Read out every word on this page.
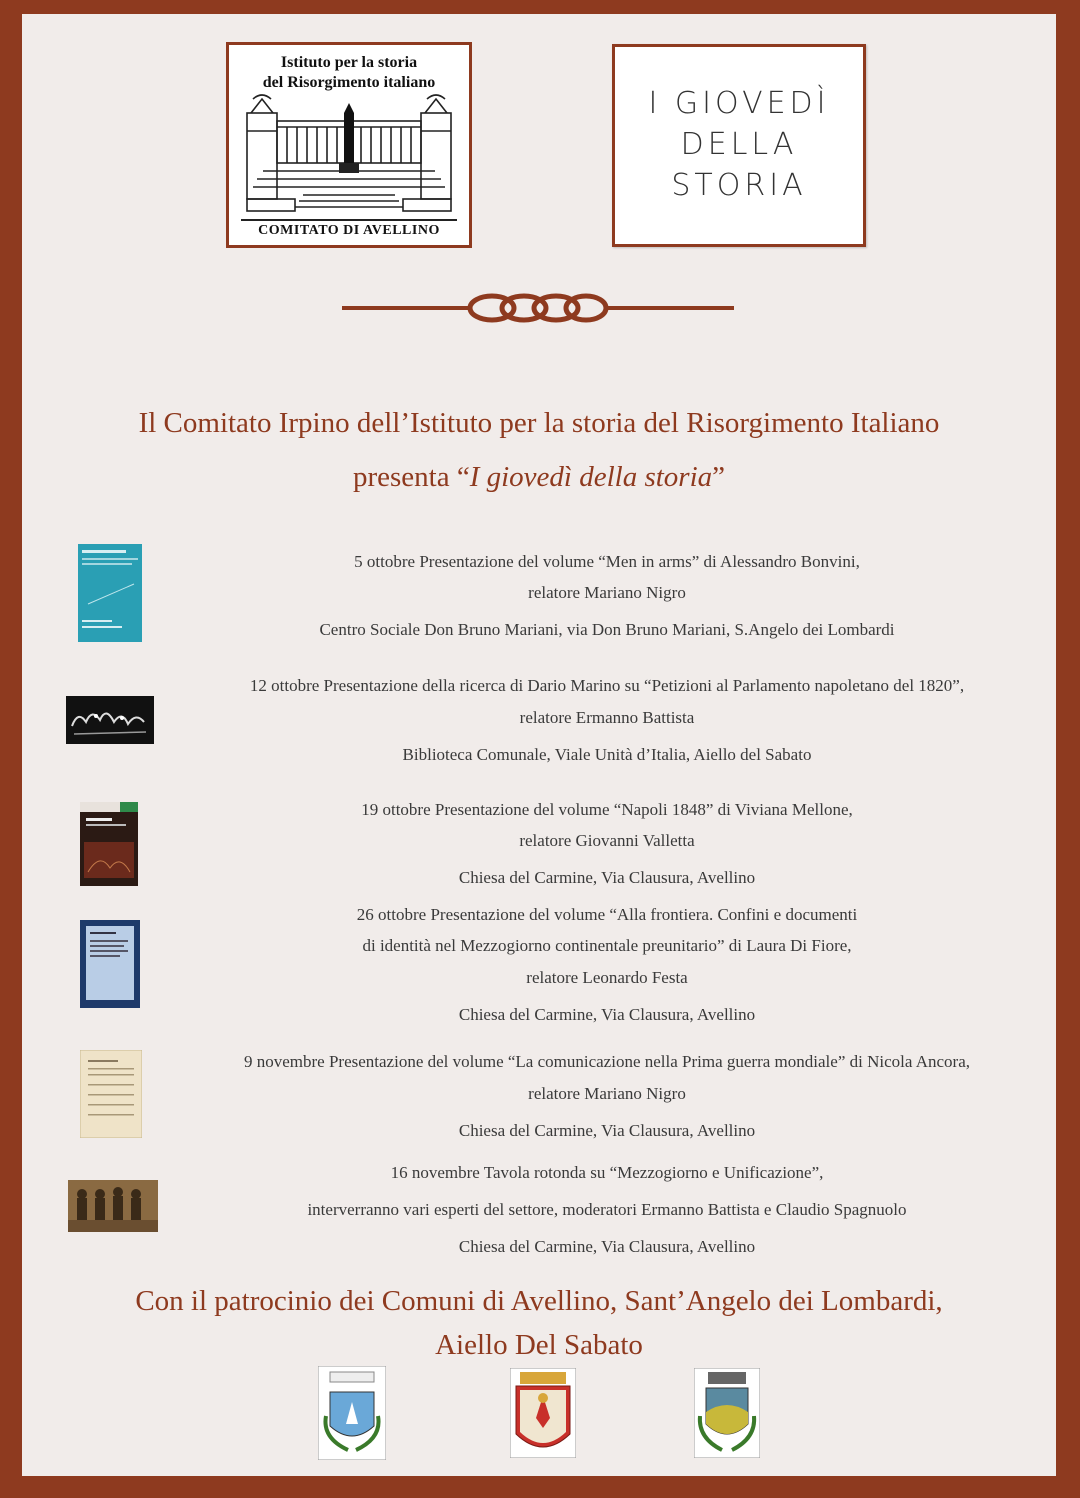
Istituto per la storia
del Risorgimento italiano
COMITATO DI AVELLINO
I GIOVEDÌ
DELLA
STORIA
Il Comitato Irpino dell’Istituto per la storia del Risorgimento Italiano
presenta “I giovedì della storia”
5 ottobre Presentazione del volume “Men in arms” di Alessandro Bonvini,
relatore Mariano Nigro
Centro Sociale Don Bruno Mariani, via Don Bruno Mariani, S.Angelo dei Lombardi
12 ottobre Presentazione della ricerca di Dario Marino su “Petizioni al Parlamento napoletano del 1820”,
relatore Ermanno Battista
Biblioteca Comunale, Viale Unità d’Italia, Aiello del Sabato
19 ottobre Presentazione del volume “Napoli 1848” di Viviana Mellone,
relatore Giovanni Valletta
Chiesa del Carmine, Via Clausura, Avellino
26 ottobre Presentazione del volume “Alla frontiera. Confini e documenti
di identità nel Mezzogiorno continentale preunitario” di Laura Di Fiore,
relatore Leonardo Festa
Chiesa del Carmine, Via Clausura, Avellino
9 novembre Presentazione del volume “La comunicazione nella Prima guerra mondiale” di Nicola Ancora,
relatore Mariano Nigro
Chiesa del Carmine, Via Clausura, Avellino
16 novembre Tavola rotonda su “Mezzogiorno e Unificazione”,
interverranno vari esperti del settore, moderatori Ermanno Battista e Claudio Spagnuolo
Chiesa del Carmine, Via Clausura, Avellino
Con il patrocinio dei Comuni di Avellino, Sant’Angelo dei Lombardi,
Aiello Del Sabato
